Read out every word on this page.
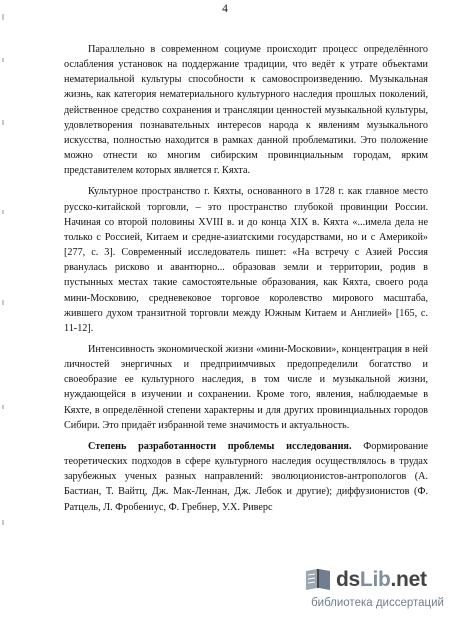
4

Параллельно в современном социуме происходит процесс определённого ослабления установок на поддержание традиции, что ведёт к утрате объектами нематериальной культуры способности к самовоспроизведению. Музыкальная жизнь, как категория нематериального культурного наследия прошлых поколений, действенное средство сохранения и трансляции ценностей музыкальной культуры, удовлетворения познавательных интересов народа к явлениям музыкального искусства, полностью находится в рамках данной проблематики. Это положение можно отнести ко многим сибирским провинциальным городам, ярким представителем которых является г. Кяхта.

Культурное пространство г. Кяхты, основанного в 1728 г. как главное место русско-китайской торговли, – это пространство глубокой провинции России. Начиная со второй половины XVIII в. и до конца XIX в. Кяхта «...имела дела не только с Россией, Китаем и средне-азиатскими государствами, но и с Америкой» [277, с. 3]. Современный исследователь пишет: «На встречу с Азией Россия рванулась рисково и авантюрно... образовав земли и территории, родив в пустынных местах такие самостоятельные образования, как Кяхта, своего рода мини-Московию, средневековое торговое королевство мирового масштаба, жившего духом транзитной торговли между Южным Китаем и Англией» [165, с. 11-12].

Интенсивность экономической жизни «мини-Московии», концентрация в ней личностей энергичных и предприимчивых предопределили богатство и своеобразие ее культурного наследия, в том числе и музыкальной жизни, нуждающейся в изучении и сохранении. Кроме того, явления, наблюдаемые в Кяхте, в определённой степени характерны и для других провинциальных городов Сибири. Это придаёт избранной теме значимость и актуальность.

Степень разработанности проблемы исследования. Формирование теоретических подходов в сфере культурного наследия осуществлялось в трудах зарубежных ученых разных направлений: эволюционистов-антропологов (А. Бастиан, Т. Вайтц, Дж. Мак-Леннан, Дж. Лебок и другие); диффузионистов (Ф. Ратцель, Л. Фробениус, Ф. Гребнер, У.Х. Риверс

dsLib.net
библиотека диссертаций
